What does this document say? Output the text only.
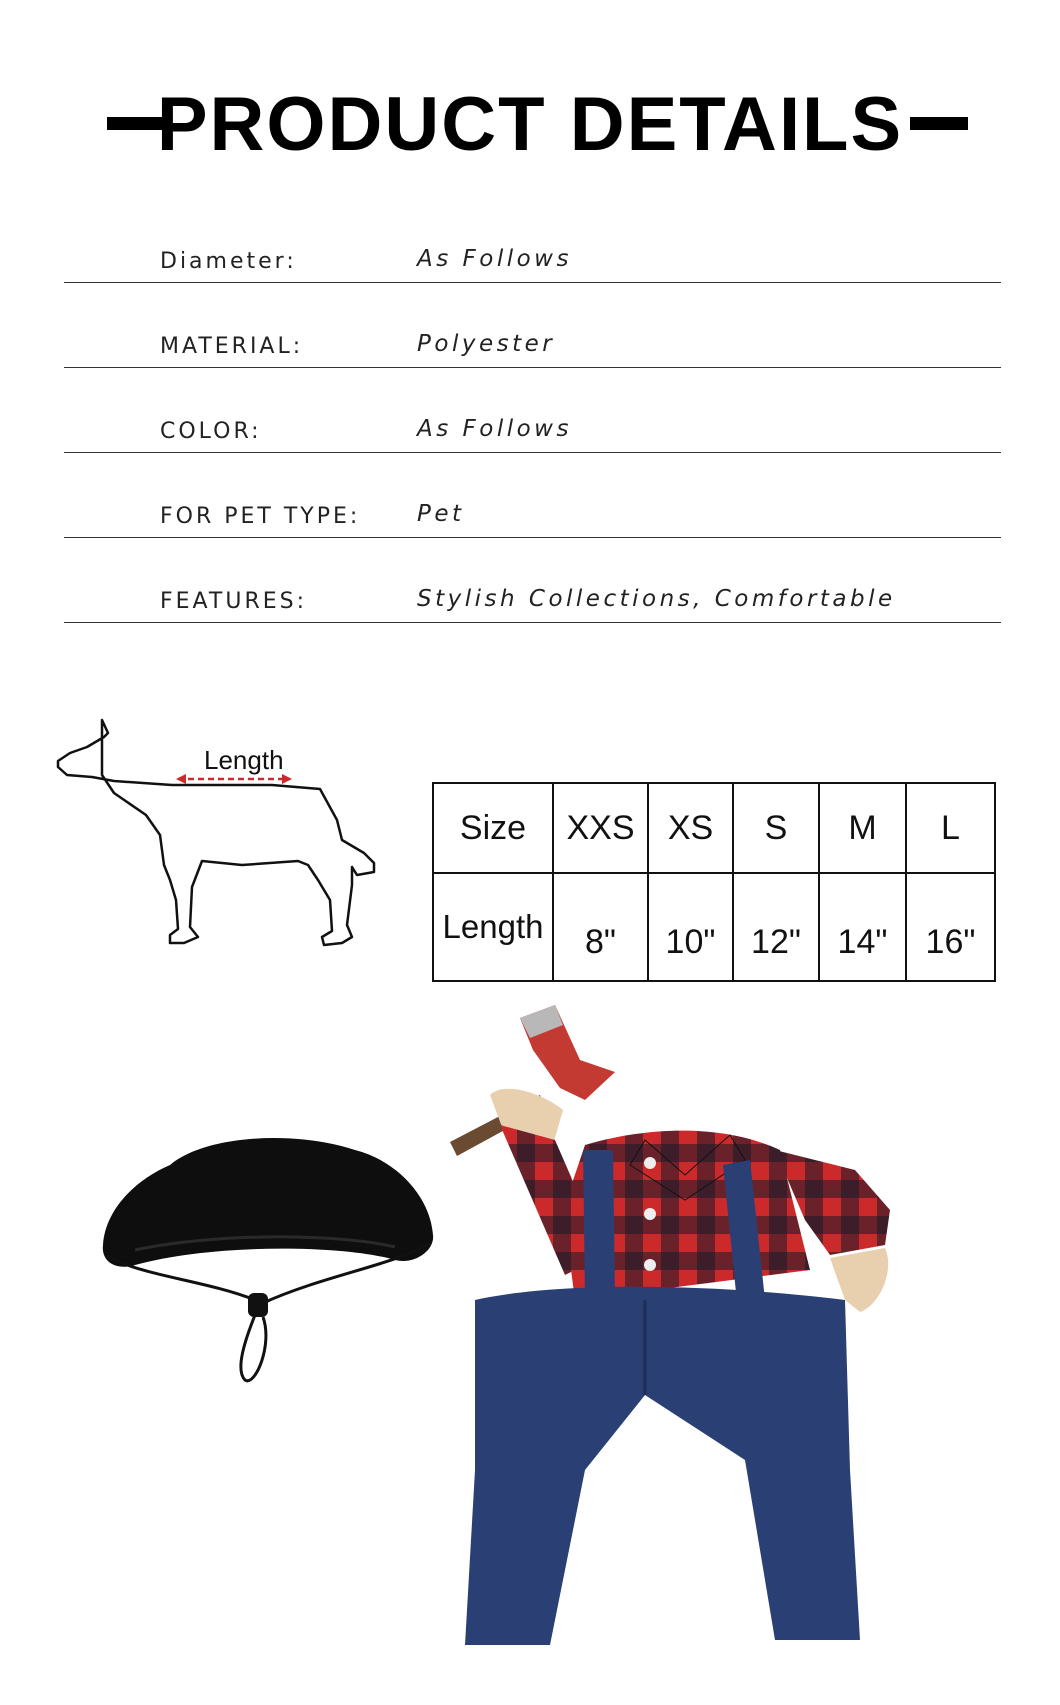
PRODUCT DETAILS
Diameter:	As Follows
MATERIAL:	Polyester
COLOR:	As Follows
FOR PET TYPE: Pet
FEATURES:	Stylish Collections, Comfortable
Length
Size	XXS	XS	S	M	L
Length	8"	10"	12"	14"	16"
